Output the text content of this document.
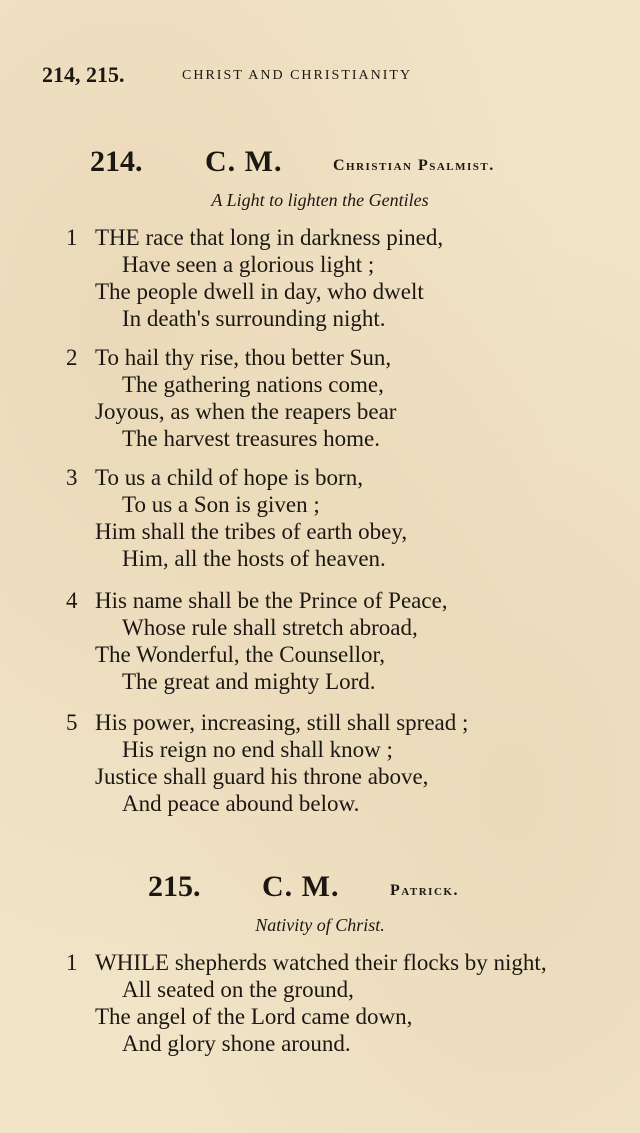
214, 215.	CHRIST AND CHRISTIANITY
214. C. M.	Christian Psalmist.
A Light to lighten the Gentiles
1 THE race that long in darkness pined,
Have seen a glorious light ;
The people dwell in day, who dwelt
In death's surrounding night.
2 To hail thy rise, thou better Sun,
The gathering nations come,
Joyous, as when the reapers bear
The harvest treasures home.
3 To us a child of hope is born,
To us a Son is given ;
Him shall the tribes of earth obey,
Him, all the hosts of heaven.
4 His name shall be the Prince of Peace,
Whose rule shall stretch abroad,
The Wonderful, the Counsellor,
The great and mighty Lord.
5 His power, increasing, still shall spread ;
His reign no end shall know ;
Justice shall guard his throne above,
And peace abound below.
215. C. M.	Patrick.
Nativity of Christ.
1 WHILE shepherds watched their flocks by night,
All seated on the ground,
The angel of the Lord came down,
And glory shone around.
